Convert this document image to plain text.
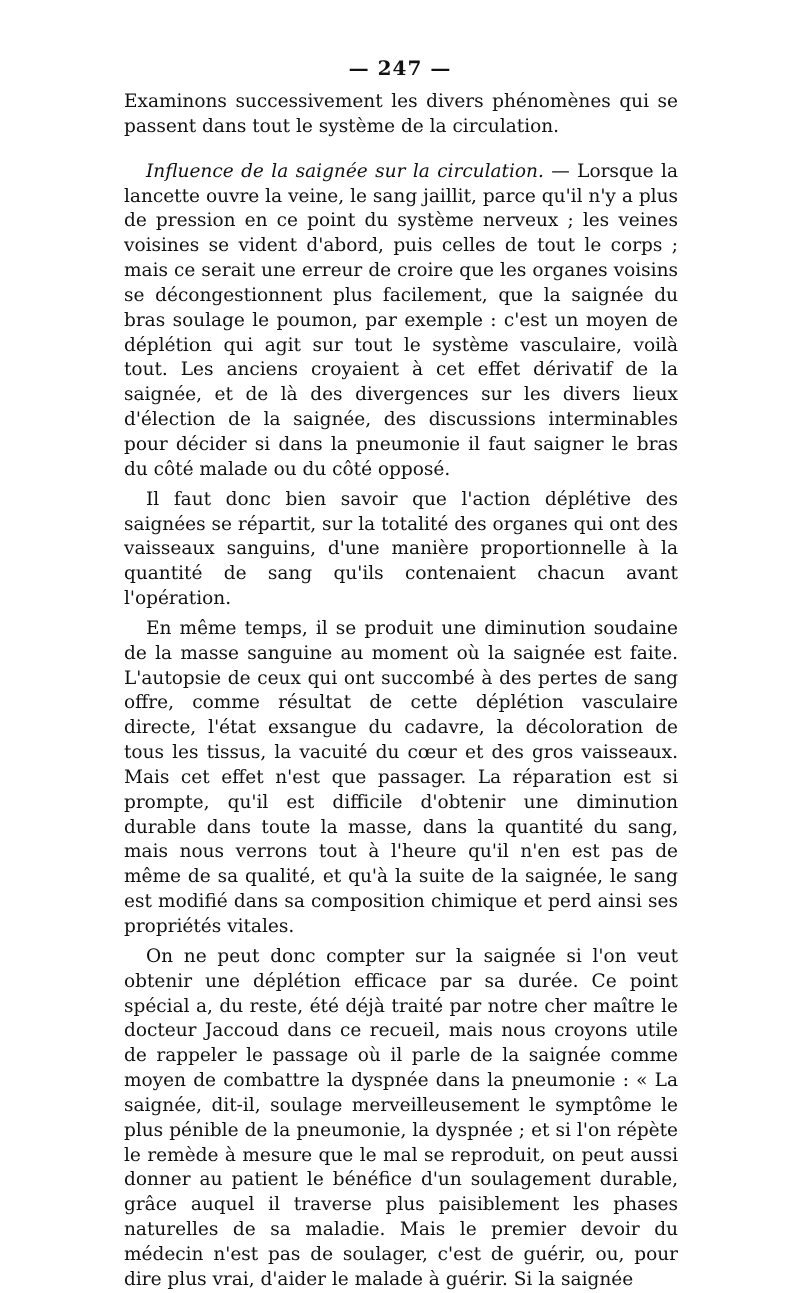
— 247 —

Examinons successivement les divers phénomènes qui se passent dans tout le système de la circulation.

Influence de la saignée sur la circulation. — Lorsque la lancette ouvre la veine, le sang jaillit, parce qu'il n'y a plus de pression en ce point du système nerveux ; les veines voisines se vident d'abord, puis celles de tout le corps ; mais ce serait une erreur de croire que les organes voisins se décongestionnent plus facilement, que la saignée du bras soulage le poumon, par exemple : c'est un moyen de déplétion qui agit sur tout le système vasculaire, voilà tout. Les anciens croyaient à cet effet dérivatif de la saignée, et de là des divergences sur les divers lieux d'élection de la saignée, des discussions interminables pour décider si dans la pneumonie il faut saigner le bras du côté malade ou du côté opposé.

Il faut donc bien savoir que l'action déplétive des saignées se répartit, sur la totalité des organes qui ont des vaisseaux sanguins, d'une manière proportionnelle à la quantité de sang qu'ils contenaient chacun avant l'opération.

En même temps, il se produit une diminution soudaine de la masse sanguine au moment où la saignée est faite. L'autopsie de ceux qui ont succombé à des pertes de sang offre, comme résultat de cette déplétion vasculaire directe, l'état exsangue du cadavre, la décoloration de tous les tissus, la vacuité du cœur et des gros vaisseaux. Mais cet effet n'est que passager. La réparation est si prompte, qu'il est difficile d'obtenir une diminution durable dans toute la masse, dans la quantité du sang, mais nous verrons tout à l'heure qu'il n'en est pas de même de sa qualité, et qu'à la suite de la saignée, le sang est modifié dans sa composition chimique et perd ainsi ses propriétés vitales.

On ne peut donc compter sur la saignée si l'on veut obtenir une déplétion efficace par sa durée. Ce point spécial a, du reste, été déjà traité par notre cher maître le docteur Jaccoud dans ce recueil, mais nous croyons utile de rappeler le passage où il parle de la saignée comme moyen de combattre la dyspnée dans la pneumonie : « La saignée, dit-il, soulage merveilleusement le symptôme le plus pénible de la pneumonie, la dyspnée ; et si l'on répète le remède à mesure que le mal se reproduit, on peut aussi donner au patient le bénéfice d'un soulagement durable, grâce auquel il traverse plus paisiblement les phases naturelles de sa maladie. Mais le premier devoir du médecin n'est pas de soulager, c'est de guérir, ou, pour dire plus vrai, d'aider le malade à guérir. Si la saignée
